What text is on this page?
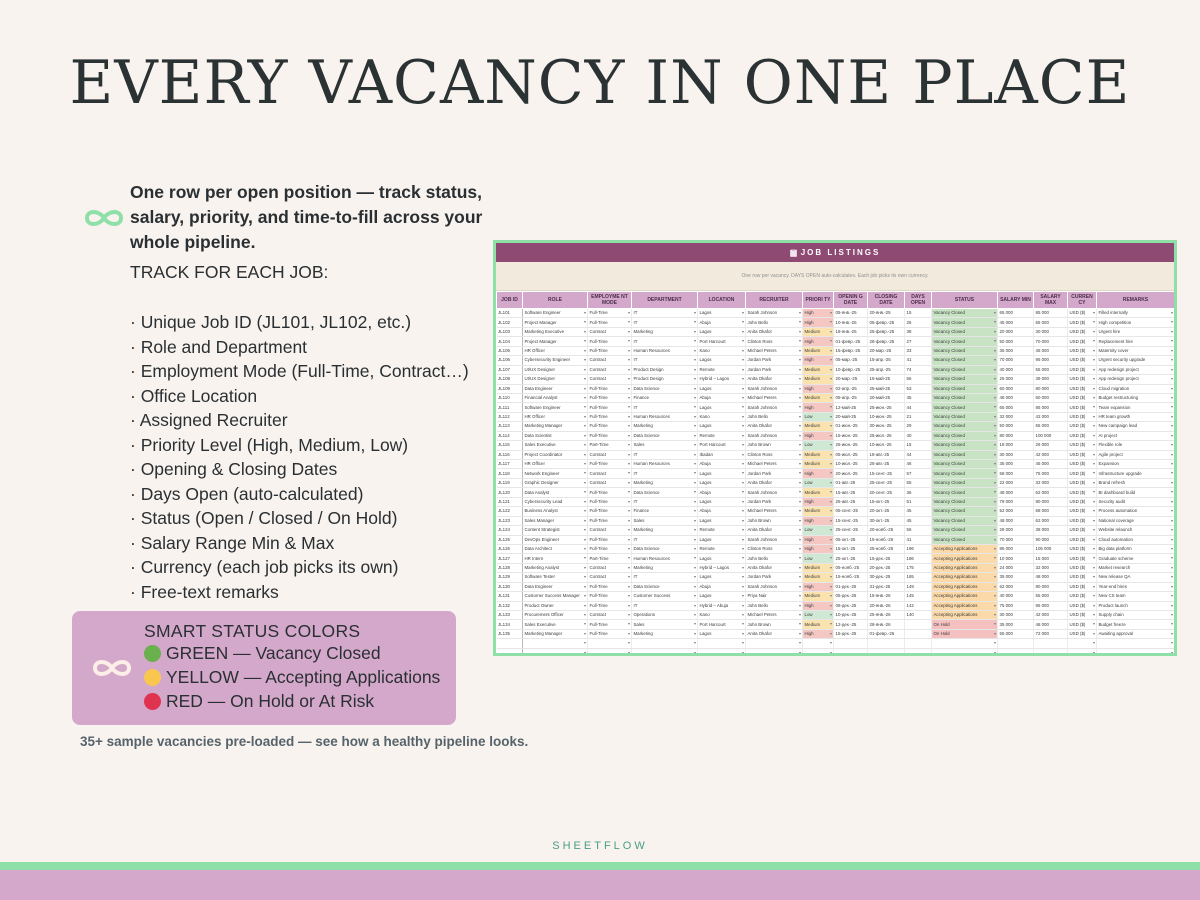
EVERY VACANCY IN ONE PLACE

One row per open position — track status, salary, priority, and time-to-fill across your whole pipeline.

TRACK FOR EACH JOB:

· Unique Job ID (JL101, JL102, etc.)
· Role and Department
· Employment Mode (Full-Time, Contract…)
· Office Location
· Assigned Recruiter
· Priority Level (High, Medium, Low)
· Opening & Closing Dates
· Days Open (auto-calculated)
· Status (Open / Closed / On Hold)
· Salary Range Min & Max
· Currency (each job picks its own)
· Free-text remarks

SMART STATUS COLORS

GREEN — Vacancy Closed
YELLOW — Accepting Applications
RED — On Hold or At Risk

35+ sample vacancies pre-loaded — see how a healthy pipeline looks.

JOB LISTINGS
One row per vacancy. DAYS OPEN auto-calculates. Each job picks its own currency.
JOB ID	ROLE	EMPLOYME NT MODE	DEPARTMENT	LOCATION	RECRUITER	PRIORI TY	OPENIN G DATE	CLOSING DATE	DAYS OPEN	STATUS	SALARY MIN	SALARY MAX	CURREN CY	REMARKS
JL101	Software Engineer ▾	Full-Time ▾	IT ▾	Lagos ▾	Sarah Johnson ▾	High ▾	05-янв.-25	20-янв.-25	15	Vacancy Closed ▾	65 000	85 000	USD ($) ▾	Filled internally ▾
JL102	Project Manager ▾	Full-Time ▾	IT ▾	Abuja ▾	John Bello ▾	High ▾	10-янв.-25	05-февр.-25	26	Vacancy Closed ▾	45 000	65 000	USD ($) ▾	High competition ▾
JL103	Marketing Executive ▾	Contract ▾	Marketing ▾	Lagos ▾	Anita Okafor ▾	Medium ▾	18-янв.-25	25-февр.-25	38	Vacancy Closed ▾	20 000	30 000	USD ($) ▾	Urgent hire ▾
JL104	Project Manager ▾	Full-Time ▾	IT ▾	Port Harcourt ▾	Clinton Ross ▾	High ▾	01-февр.-25	28-февр.-25	27	Vacancy Closed ▾	50 000	70 000	USD ($) ▾	Replacement hire ▾
JL105	HR Officer ▾	Full-Time ▾	Human Resources ▾	Kano ▾	Michael Peters ▾	Medium ▾	15-февр.-25	20-мар.-25	33	Vacancy Closed ▾	35 000	45 000	USD ($) ▾	Maternity cover ▾
JL106	Cybersecurity Engineer ▾	Contract ▾	IT ▾	Lagos ▾	Jordan Park ▾	High ▾	05-мар.-25	15-апр.-25	41	Vacancy Closed ▾	70 000	95 000	USD ($) ▾	Urgent security upgrade ▾
JL107	UI/UX Designer ▾	Contract ▾	Product Design ▾	Remote ▾	Jordan Park ▾	Medium ▾	10-февр.-25	25-апр.-25	74	Vacancy Closed ▾	40 000	55 000	USD ($) ▾	App redesign project ▾
JL108	UI/UX Designer ▾	Contract ▾	Product Design ▾	Hybrid – Lagos ▾	Anita Okafor ▾	Medium ▾	20-мар.-25	15-май-25	56	Vacancy Closed ▾	25 000	39 000	USD ($) ▾	App redesign project ▾
JL109	Data Engineer ▾	Full-Time ▾	Data Science ▾	Lagos ▾	Sarah Johnson ▾	High ▾	02-апр.-25	25-май-25	53	Vacancy Closed ▾	60 000	80 000	USD ($) ▾	Cloud migration ▾
JL110	Financial Analyst ▾	Full-Time ▾	Finance ▾	Abuja ▾	Michael Peters ▾	Medium ▾	05-апр.-25	20-май-25	45	Vacancy Closed ▾	48 000	60 000	USD ($) ▾	Budget restructuring ▾
JL111	Software Engineer ▾	Full-Time ▾	IT ▾	Lagos ▾	Sarah Johnson ▾	High ▾	12-май-25	25-июн.-25	44	Vacancy Closed ▾	65 000	85 000	USD ($) ▾	Team expansion ▾
JL112	HR Officer ▾	Full-Time ▾	Human Resources ▾	Kano ▾	John Bello ▾	Low ▾	20-май-25	10-июн.-25	21	Vacancy Closed ▾	32 000	42 000	USD ($) ▾	HR team growth ▾
JL113	Marketing Manager ▾	Full-Time ▾	Marketing ▾	Lagos ▾	Anita Okafor ▾	Medium ▾	01-июн.-25	30-июн.-25	29	Vacancy Closed ▾	50 000	65 000	USD ($) ▾	New campaign lead ▾
JL114	Data Scientist ▾	Full-Time ▾	Data Science ▾	Remote ▾	Sarah Johnson ▾	High ▾	15-июн.-25	25-июл.-25	40	Vacancy Closed ▾	80 000	100 000	USD ($) ▾	AI project ▾
JL115	Sales Executive ▾	Part-Time ▾	Sales ▾	Port Harcourt ▾	John Brown ▾	Low ▾	25-июн.-25	10-июл.-25	15	Vacancy Closed ▾	18 000	26 000	USD ($) ▾	Flexible role ▾
JL116	Project Coordinator ▾	Contract ▾	IT ▾	Ibadan ▾	Clinton Ross ▾	Medium ▾	05-июл.-25	18-авг.-25	44	Vacancy Closed ▾	30 000	42 000	USD ($) ▾	Agile project ▾
JL117	HR Officer ▾	Full-Time ▾	Human Resources ▾	Abuja ▾	Michael Peters ▾	Medium ▾	10-июл.-25	25-авг.-25	46	Vacancy Closed ▾	35 000	45 000	USD ($) ▾	Expansion ▾
JL118	Network Engineer ▾	Contract ▾	IT ▾	Lagos ▾	Jordan Park ▾	High ▾	20-июл.-25	15-сент.-25	57	Vacancy Closed ▾	58 000	75 000	USD ($) ▾	Infrastructure upgrade ▾
JL119	Graphic Designer ▾	Contract ▾	Marketing ▾	Lagos ▾	Anita Okafor ▾	Low ▾	01-авг.-25	25-сент.-25	55	Vacancy Closed ▾	22 000	32 000	USD ($) ▾	Brand refresh ▾
JL120	Data Analyst ▾	Full-Time ▾	Data Science ▾	Abuja ▾	Sarah Johnson ▾	Medium ▾	15-авг.-25	20-сент.-25	36	Vacancy Closed ▾	48 000	62 000	USD ($) ▾	BI dashboard build ▾
JL121	Cybersecurity Lead ▾	Full-Time ▾	IT ▾	Lagos ▾	Jordan Park ▾	High ▾	25-авг.-25	15-окт.-25	51	Vacancy Closed ▾	78 000	90 000	USD ($) ▾	Security audit ▾
JL122	Business Analyst ▾	Full-Time ▾	Finance ▾	Abuja ▾	Michael Peters ▾	Medium ▾	05-сент.-25	20-окт.-25	45	Vacancy Closed ▾	52 000	68 000	USD ($) ▾	Process automation ▾
JL123	Sales Manager ▾	Full-Time ▾	Sales ▾	Lagos ▾	John Brown ▾	High ▾	15-сент.-25	30-окт.-25	45	Vacancy Closed ▾	48 000	62 000	USD ($) ▾	National coverage ▾
JL124	Content Strategist ▾	Contract ▾	Marketing ▾	Remote ▾	Anita Okafor ▾	Low ▾	25-сент.-25	20-нояб.-25	56	Vacancy Closed ▾	28 000	38 000	USD ($) ▾	Website relaunch ▾
JL125	DevOps Engineer ▾	Full-Time ▾	IT ▾	Lagos ▾	Sarah Johnson ▾	High ▾	05-окт.-25	15-нояб.-25	41	Vacancy Closed ▾	70 000	90 000	USD ($) ▾	Cloud automation ▾
JL126	Data Architect ▾	Full-Time ▾	Data Science ▾	Remote ▾	Clinton Ross ▾	High ▾	15-окт.-25	25-нояб.-25	196	Accepting Applications ▾	85 000	105 000	USD ($) ▾	Big data platform ▾
JL127	HR Intern ▾	Part-Time ▾	Human Resources ▾	Lagos ▾	John Bello ▾	Low ▾	25-окт.-25	15-дек.-25	186	Accepting Applications ▾	10 000	15 000	USD ($) ▾	Graduate scheme ▾
JL128	Marketing Analyst ▾	Contract ▾	Marketing ▾	Hybrid – Lagos ▾	Anita Okafor ▾	Medium ▾	05-нояб.-25	20-дек.-25	175	Accepting Applications ▾	24 000	32 000	USD ($) ▾	Market research ▾
JL129	Software Tester ▾	Contract ▾	IT ▾	Lagos ▾	Jordan Park ▾	Medium ▾	15-нояб.-25	30-дек.-25	165	Accepting Applications ▾	35 000	48 000	USD ($) ▾	New release QA ▾
JL130	Data Engineer ▾	Full-Time ▾	Data Science ▾	Abuja ▾	Sarah Johnson ▾	High ▾	01-дек.-25	31-дек.-25	149	Accepting Applications ▾	62 000	80 000	USD ($) ▾	Year-end hires ▾
JL131	Customer Success Manager ▾	Full-Time ▾	Customer Success ▾	Lagos ▾	Priya Nair ▾	Medium ▾	05-дек.-25	15-янв.-26	145	Accepting Applications ▾	40 000	55 000	USD ($) ▾	New CS team ▾
JL132	Product Owner ▾	Full-Time ▾	IT ▾	Hybrid – Abuja ▾	John Bello ▾	High ▾	08-дек.-25	20-янв.-26	142	Accepting Applications ▾	75 000	95 000	USD ($) ▾	Product launch ▾
JL133	Procurement Officer ▾	Contract ▾	Operations ▾	Kano ▾	Michael Peters ▾	Low ▾	10-дек.-25	25-янв.-26	140	Accepting Applications ▾	30 000	42 000	USD ($) ▾	Supply chain ▾
JL134	Sales Executive ▾	Full-Time ▾	Sales ▾	Port Harcourt ▾	John Brown ▾	Medium ▾	12-дек.-25	28-янв.-26		On Hold ▾	35 000	48 000	USD ($) ▾	Budget freeze ▾
JL135	Marketing Manager ▾	Full-Time ▾	Marketing ▾	Lagos ▾	Anita Okafor ▾	High ▾	15-дек.-25	01-февр.-26		On Hold ▾	55 000	72 000	USD ($) ▾	Awaiting approval ▾
	▾	▾	▾	▾	▾	▾				▾			▾	▾
	▾	▾	▾	▾	▾	▾				▾			▾	▾

SHEETFLOW
